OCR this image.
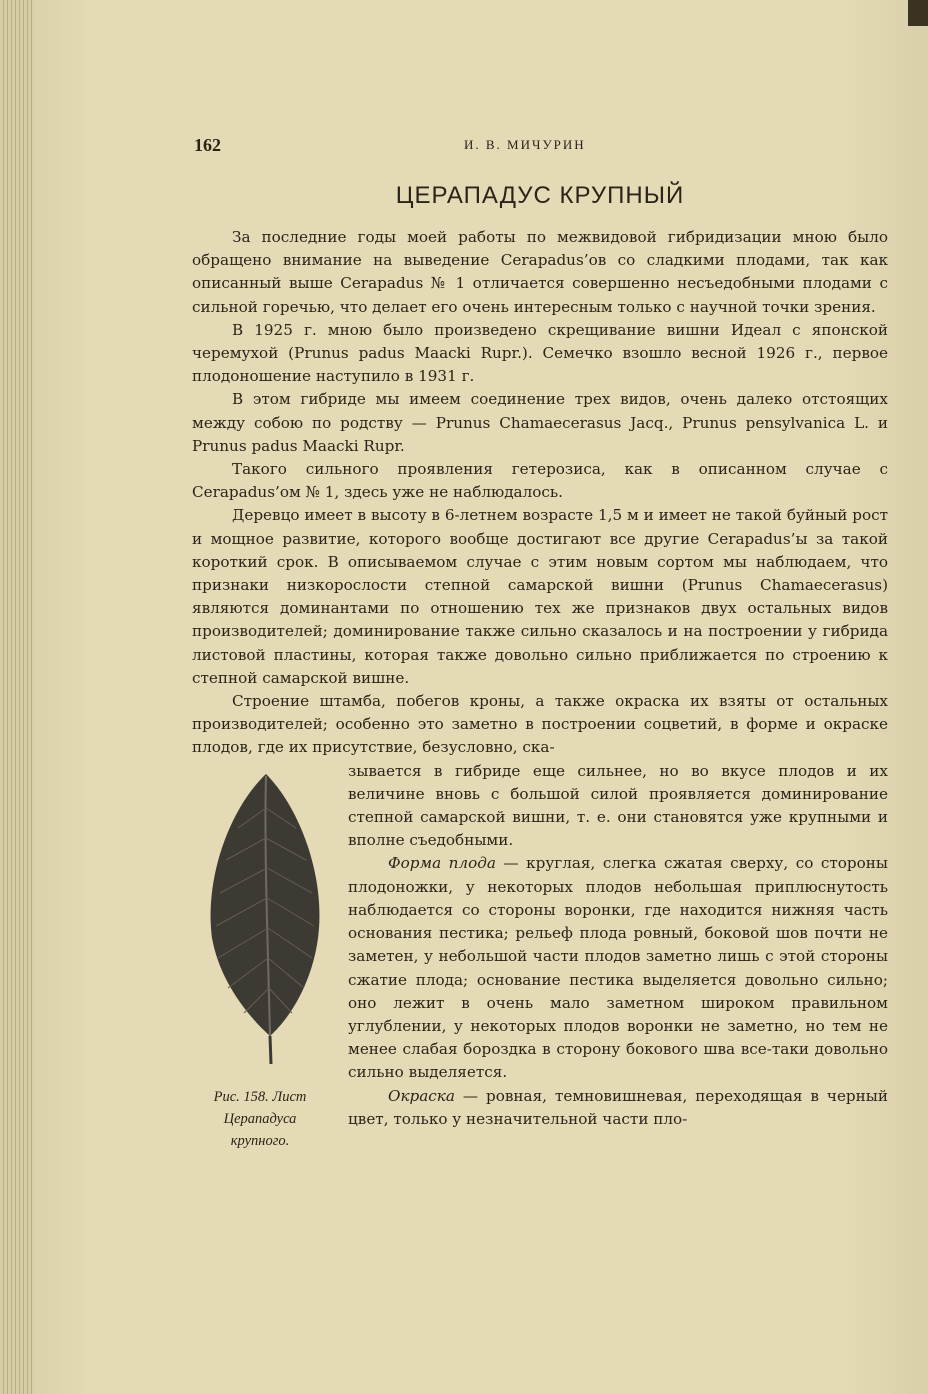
162	И. В. МИЧУРИН
ЦЕРАПАДУС КРУПНЫЙ

За последние годы моей работы по межвидовой гибридизации мною было обращено внимание на выведение Cerapadus’ов со сладкими плодами, так как описанный выше Cerapadus № 1 отличается совершенно несъедобными плодами с сильной горечью, что делает его очень интересным только с научной точки зрения.

В 1925 г. мною было произведено скрещивание вишни Идеал с японской черемухой (Prunus padus Maacki Rupr.). Семечко взошло весной 1926 г., первое плодоношение наступило в 1931 г.

В этом гибриде мы имеем соединение трех видов, очень далеко отстоящих между собою по родству — Prunus Chamaecerasus Jacq., Prunus pensylvanica L. и Prunus padus Maacki Rupr.

Такого сильного проявления гетерозиса, как в описанном случае с Cerapadus’ом № 1, здесь уже не наблюдалось.

Деревцо имеет в высоту в 6-летнем возрасте 1,5 м и имеет не такой буйный рост и мощное развитие, которого вообще достигают все другие Cerapadus’ы за такой короткий срок. В описываемом случае с этим новым сортом мы наблюдаем, что признаки низкорослости степной самарской вишни (Prunus Chamaecerasus) являются доминантами по отношению тех же признаков двух остальных видов производителей; доминирование также сильно сказалось и на построении у гибрида листовой пластины, которая также довольно сильно приближается по строению к степной самарской вишне.

Строение штамба, побегов кроны, а также окраска их взяты от остальных производителей; особенно это заметно в построении соцветий, в форме и окраске плодов, где их присутствие, безусловно, ска-

Рис. 158. Лист
Церападуса
крупного.

зывается в гибриде еще сильнее, но во вкусе плодов и их величине вновь с большой силой проявляется доминирование степной самарской вишни, т. е. они становятся уже крупными и вполне съедобными.

Форма плода — круглая, слегка сжатая сверху, со стороны плодоножки, у некоторых плодов небольшая приплюснутость наблюдается со стороны воронки, где находится нижняя часть основания пестика; рельеф плода ровный, боковой шов почти не заметен, у небольшой части плодов заметно лишь с этой стороны сжатие плода; основание пестика выделяется довольно сильно; оно лежит в очень мало заметном широком правильном углублении, у некоторых плодов воронки не заметно, но тем не менее слабая бороздка в сторону бокового шва все-таки довольно сильно выделяется.

Окраска — ровная, темновишневая, переходящая в черный цвет, только у незначительной части пло-
